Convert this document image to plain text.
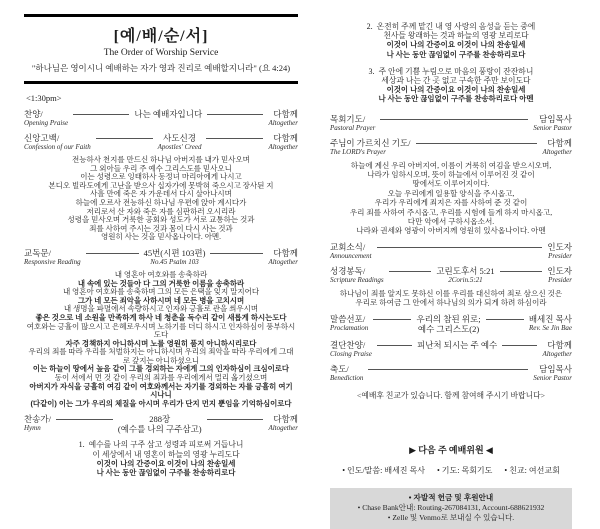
[예/배/순/서]
The Order of Worship Service
"하나님은 영이시니 예배하는 자가 영과 진리로 예배할지니라" (요 4:24)
<1:30pm>
찬양/
Opening Praise
나는 예배자입니다	다함께
Altogether
신앙고백/
Confession of our Faith
사도신경
Apostles' Creed
다함께
Altogether
전능하사 천지를 만드신 하나님 아버지를 내가 믿사오며
그 외아들 우리 주 예수 그리스도를 믿사오니
이는 성령으로 잉태하사 동정녀 마리아에게 나시고
본디오 빌라도에게 고난을 받으사 십자가에 못박혀 죽으시고 장사된 지
사흘 만에 죽은 자 가운데서 다시 살아나시며
하늘에 오르사 전능하신 하나님 우편에 앉아 계시다가
저리로서 산 자와 죽은 자를 심판하러 오시리라
성령을 믿사오며 거룩한 공회와 성도가 서로 교통하는 것과
죄를 사하여 주시는 것과 몸이 다시 사는 것과
영원히 사는 것을 믿사옵나이다. 아멘.
교독문/
Responsive Reading
45번(시편 103편)
No.45 Psalm 103
다함께
Altogether
내 영혼아 여호와를 송축하라
내 속에 있는 것들아 다 그의 거룩한 이름을 송축하라
내 영혼아 여호와를 송축하며 그의 모든 은택을 잊지 말지어다
그가 네 모든 죄악을 사하시며 네 모든 병을 고치시며
내 생명을 파멸에서 속량하시고 인자와 긍휼로 관을 씌우시며
좋은 것으로 네 소원을 만족하게 하사 네 청춘을 독수리 같이 새롭게 하시는도다
여호와는 긍휼이 많으시고 은혜로우시며 노하기를 더디 하시고 인자하심이 풍부하시도다
자주 경책하지 아니하시며 노를 영원히 품지 아니하시리로다
우리의 죄를 따라 우리를 처벌하지는 아니하시며 우리의 죄악을 따라 우리에게 그대로 갚지는 아니하셨으니
이는 하늘이 땅에서 높음 같이 그를 경외하는 자에게 그의 인자하심이 크심이로다
동이 서에서 먼 것 같이 우리의 죄과를 우리에게서 멀리 옮기셨으며
아버지가 자식을 긍휼히 여김 같이 여호와께서는 자기를 경외하는 자를 긍휼히 여기시나니
(다같이) 이는 그가 우리의 체질을 아시며 우리가 단지 먼지 뿐임을 기억하심이로다
찬송가/
Hymn
288장
(예수를 나의 구주삼고)
다함께
Altogether
1. 예수를 나의 구주 삼고 성령과 피로써 거듭나니
이 세상에서 내 영혼이 하늘의 영광 누리도다
이것이 나의 간증이요 이것이 나의 찬송일세
나 사는 동안 끊임없이 구주를 찬송하리로다
2. 온전히 주께 맡긴 내 영 사랑의 음성을 듣는 중에
천사들 왕래하는 것과 하늘의 영광 보리로다
이것이 나의 간증이요 이것이 나의 찬송일세
나 사는 동안 끊임없이 구주를 찬송하리로다
3. 주 안에 기쁨 누림으로 마음의 풍랑이 잔잔하니
세상과 나는 간 곳 없고 구속한 주만 보이도다
이것이 나의 간증이요 이것이 나의 찬송일세
나 사는 동안 끊임없이 구주를 찬송하리로다 아멘
목회기도/
Pastoral Prayer
담임목사
Senior Pastor
주님이 가르치신 기도/
The LORD's Prayer
다함께
Altogether
하늘에 계신 우리 아버지여, 이름이 거룩히 여김을 받으시오며,
나라가 임하시오며, 뜻이 하늘에서 이루어진 것 같이
땅에서도 이루어지이다.
오늘 우리에게 일용할 양식을 주시옵고,
우리가 우리에게 죄지은 자를 사하여 준 것 같이
우리 죄를 사하여 주시옵고, 우리를 시험에 들게 하지 마시옵고,
다만 악에서 구하시옵소서.
나라와 권세와 영광이 아버지께 영원히 있사옵나이다. 아멘
교회소식/
Announcement
인도자
Presider
성경봉독/
Scripture Readings
고린도후서 5:21
2Corin.5:21
인도자
Presider
하나님이 죄를 알지도 못하신 이를 우리를 대신하여 죄로 삼으신 것은
우리로 하여금 그 안에서 하나님의 의가 되게 하려 하심이라
말씀선포/
Proclamation
우리의 참된 위로;
예수 그리스도(2)
배세진 목사
Rev. Se Jin Bae
결단찬양/
Closing Praise
피난처 되시는 주 예수	다함께
Altogether
축도/
Benediction
담임목사
Senior Pastor
<예배후 친교가 있습니다. 함께 참여해 주시기 바랍니다>
▶ 다음 주 예배위원 ◀
• 인도/말씀: 배세진 목사 • 기도: 목회기도 • 친교: 여선교회
• 자발적 헌금 및 후원안내
• Chase Bank안내: Routing-267084131, Account-688621932
• Zelle 및 Venmo로 보내실 수 있습니다.
